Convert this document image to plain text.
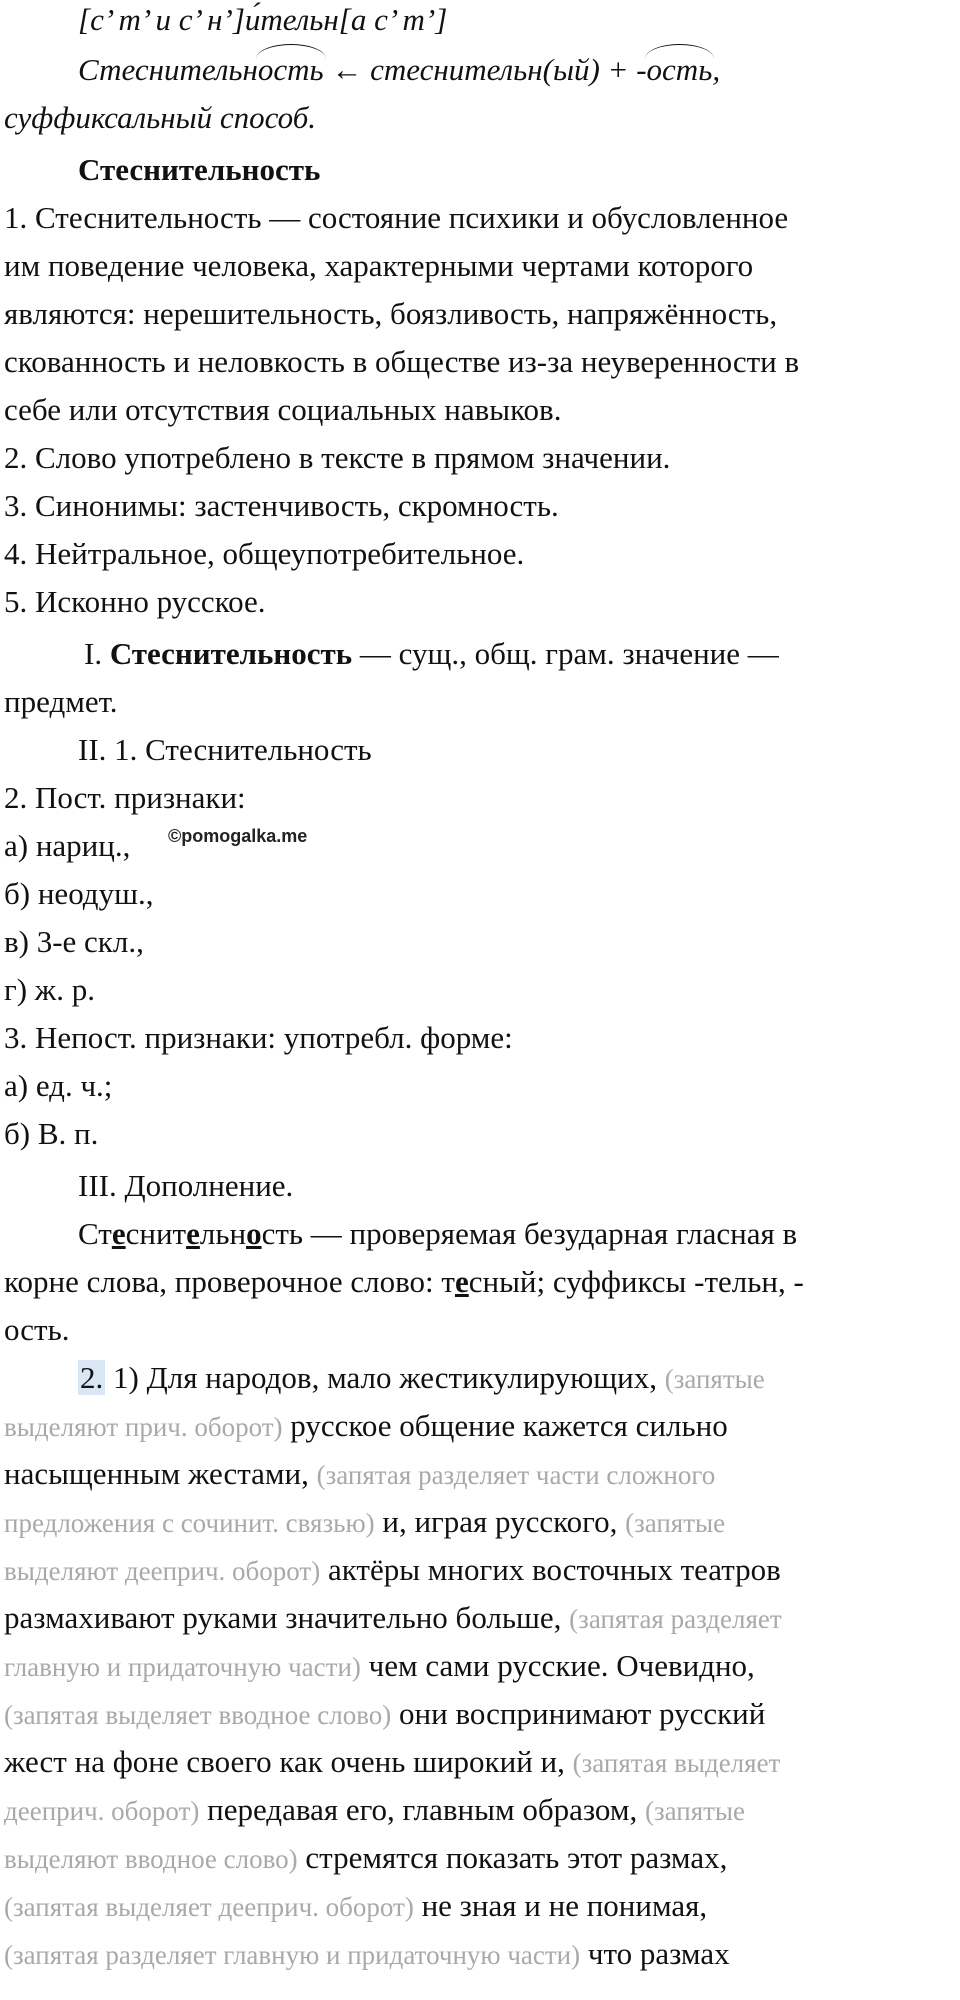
[с’ т’ и с’ н’]и́тельн[а с’ т’]
Стеснительность ← стеснительн(ый) + -ость,
суффиксальный способ.
Стеснительность
1. Стеснительность — состояние психики и обусловленное
им поведение человека, характерными чертами которого
являются: нерешительность, боязливость, напряжённость,
скованность и неловкость в обществе из-за неуверенности в
себе или отсутствия социальных навыков.
2. Слово употреблено в тексте в прямом значении.
3. Синонимы: застенчивость, скромность.
4. Нейтральное, общеупотребительное.
5. Исконно русское.
I. Стеснительность — сущ., общ. грам. значение —
предмет.
II. 1. Стеснительность
2. Пост. признаки:
а) нариц., ©pomogalka.me
б) неодуш.,
в) 3-е скл.,
г) ж. р.
3. Непост. признаки: употребл. форме:
а) ед. ч.;
б) В. п.
III. Дополнение.
Стеснительность — проверяемая безударная гласная в
корне слова, проверочное слово: тесный; суффиксы -тельн, -
ость.
2. 1) Для народов, мало жестикулирующих, (запятые
выделяют прич. оборот) русское общение кажется сильно
насыщенным жестами, (запятая разделяет части сложного
предложения с сочинит. связью) и, играя русского, (запятые
выделяют дееприч. оборот) актёры многих восточных театров
размахивают руками значительно больше, (запятая разделяет
главную и придаточную части) чем сами русские. Очевидно,
(запятая выделяет вводное слово) они воспринимают русский
жест на фоне своего как очень широкий и, (запятая выделяет
дееприч. оборот) передавая его, главным образом, (запятые
выделяют вводное слово) стремятся показать этот размах,
(запятая выделяет дееприч. оборот) не зная и не понимая,
(запятая разделяет главную и придаточную части) что размах
